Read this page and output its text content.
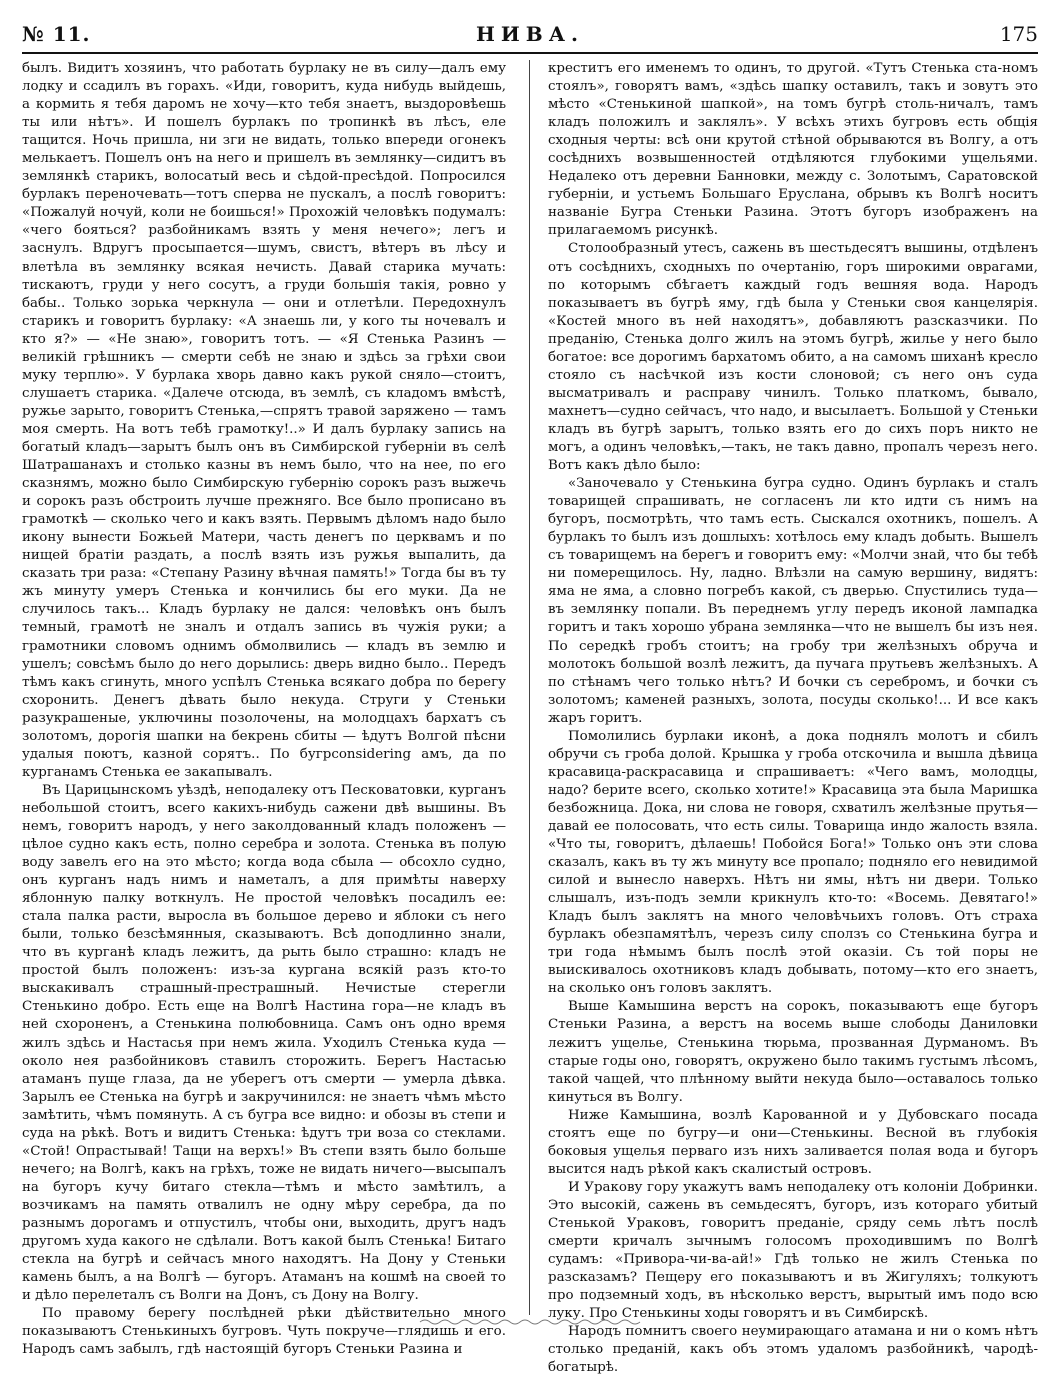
№ 11.	НИВА.	175

былъ. Видитъ хозяинъ, что работать бурлаку не въ силу—далъ ему лодку и ссадилъ въ горахъ. «Иди, говоритъ, куда нибудь выйдешь, а кормить я тебя даромъ не хочу—кто тебя знаетъ, выздоровѣешь ты или нѣтъ». И пошелъ бурлакъ по тропинкѣ въ лѣсъ, еле тащится. Ночь пришла, ни зги не видать, только впереди огонекъ мелькаетъ. Пошелъ онъ на него и пришелъ въ землянку—сидитъ въ землянкѣ старикъ, волосатый весь и сѣдой-пресѣдой. Попросился бурлакъ переночевать—тотъ сперва не пускалъ, а послѣ говоритъ: «Пожалуй ночуй, коли не боишься!» Прохожій человѣкъ подумалъ: «чего бояться? разбойникамъ взять у меня нечего»; легъ и заснулъ. Вдругъ просыпается—шумъ, свистъ, вѣтеръ въ лѣсу и влетѣла въ землянку всякая нечисть. Давай старика мучать: тискаютъ, груди у него сосутъ, а груди большія такія, ровно у бабы.. Только зорька черкнула — они и отлетѣли. Передохнулъ старикъ и говоритъ бурлаку: «А знаешь ли, у кого ты ночевалъ и кто я?» — «Не знаю», говоритъ тотъ. — «Я Стенька Разинъ — великій грѣшникъ — смерти себѣ не знаю и здѣсь за грѣхи свои муку терплю». У бурлака хворь давно какъ рукой сняло—стоитъ, слушаетъ старика. «Далече отсюда, въ землѣ, съ кладомъ вмѣстѣ, ружье зарыто, говоритъ Стенька,—спрятъ травой заряжено — тамъ моя смерть. На вотъ тебѣ грамотку!..» И далъ бурлаку запись на богатый кладъ—зарытъ былъ онъ въ Симбирской губерніи въ селѣ Шатрашанахъ и столько казны въ немъ было, что на нее, по его сказнямъ, можно было Симбирскую губернію сорокъ разъ выжечь и сорокъ разъ обстроить лучше прежняго. Все было прописано въ грамоткѣ — сколько чего и какъ взять. Первымъ дѣломъ надо было икону вынести Божьей Матери, часть денегъ по церквамъ и по нищей братіи раздать, а послѣ взять изъ ружья выпалить, да сказать три раза: «Степану Разину вѣчная память!» Тогда бы въ ту жъ минуту умеръ Стенька и кончились бы его муки. Да не случилось такъ... Кладъ бурлаку не дался: человѣкъ онъ былъ темный, грамотѣ не зналъ и отдалъ запись въ чужія руки; а грамотники словомъ однимъ обмолвились — кладъ въ землю и ушелъ; совсѣмъ было до него дорылись: дверь видно было.. Передъ тѣмъ какъ сгинуть, много успѣлъ Стенька всякаго добра по берегу схоронить. Денегъ дѣвать было некуда. Струги у Стеньки разукрашеные, уключины позолочены, на молодцахъ бархатъ съ золотомъ, дорогія шапки на бекрень сбиты — ѣдутъ Волгой пѣсни удалыя поютъ, казной сорятъ.. По бугрconsidering амъ, да по курганамъ Стенька ее закапывалъ.

Въ Царицынскомъ уѣздѣ, неподалеку отъ Песковатовки, курганъ небольшой стоитъ, всего какихъ-нибудь сажени двѣ вышины. Въ немъ, говоритъ народъ, у него заколдованный кладъ положенъ — цѣлое судно какъ есть, полно серебра и золота. Стенька въ полую воду завелъ его на это мѣсто; когда вода сбыла — обсохло судно, онъ курганъ надъ нимъ и наметалъ, а для примѣты наверху яблонную палку воткнулъ. Не простой человѣкъ посадилъ ее: стала палка расти, выросла въ большое дерево и яблоки съ него были, только безсѣмянныя, сказываютъ. Всѣ доподлинно знали, что въ курганѣ кладъ лежитъ, да рыть было страшно: кладъ не простой былъ положенъ: изъ-за кургана всякій разъ кто-то выскакивалъ страшный-престрашный. Нечистые стерегли Стенькино добро. Есть еще на Волгѣ Настина гора—не кладъ въ ней схороненъ, а Стенькина полюбовница. Самъ онъ одно время жилъ здѣсь и Настасья при немъ жила. Уходилъ Стенька куда — около нея разбойниковъ ставилъ сторожить. Берегъ Настасью атаманъ пуще глаза, да не уберегъ отъ смерти — умерла дѣвка. Зарылъ ее Стенька на бугрѣ и закручинился: не знаетъ чѣмъ мѣсто замѣтить, чѣмъ помянуть. А съ бугра все видно: и обозы въ степи и суда на рѣкѣ. Вотъ и видитъ Стенька: ѣдутъ три воза со стеклами. «Стой! Опрастывай! Тащи на верхъ!» Въ степи взять было больше нечего; на Волгѣ, какъ на грѣхъ, тоже не видать ничего—высыпалъ на бугоръ кучу битаго стекла—тѣмъ и мѣсто замѣтилъ, а возчикамъ на память отвалилъ не одну мѣру серебра, да по разнымъ дорогамъ и отпустилъ, чтобы они, выходить, другъ надъ другомъ худа какого не сдѣлали. Вотъ какой былъ Стенька! Битаго стекла на бугрѣ и сейчасъ много находятъ. На Дону у Стеньки камень былъ, а на Волгѣ — бугоръ. Атаманъ на кошмѣ на своей то и дѣло перелеталъ съ Волги на Донъ, съ Дону на Волгу.

По правому берегу послѣдней рѣки дѣйствительно много показываютъ Стенькиныхъ бугровъ. Чуть покруче—глядишь и его. Народъ самъ забылъ, гдѣ настоящій бугоръ Стеньки Разина и

креститъ его именемъ то одинъ, то другой. «Тутъ Стенька ста-номъ стоялъ», говорятъ вамъ, «здѣсь шапку оставилъ, такъ и зовутъ это мѣсто «Стенькиной шапкой», на томъ бугрѣ столь-ничалъ, тамъ кладъ положилъ и заклялъ». У всѣхъ этихъ бугровъ есть общія сходныя черты: всѣ они крутой стѣной обрываются въ Волгу, а отъ сосѣднихъ возвышенностей отдѣляются глубокими ущельями. Недалеко отъ деревни Банновки, между с. Золотымъ, Саратовской губерніи, и устьемъ Большаго Еруслана, обрывъ къ Волгѣ носитъ названіе Бугра Стеньки Разина. Этотъ бугоръ изображенъ на прилагаемомъ рисункѣ.

Столообразный утесъ, сажень въ шестьдесятъ вышины, отдѣленъ отъ сосѣднихъ, сходныхъ по очертанію, горъ широкими оврагами, по которымъ сбѣгаетъ каждый годъ вешняя вода. Народъ показываетъ въ бугрѣ яму, гдѣ была у Стеньки своя канцелярія. «Костей много въ ней находятъ», добавляютъ разсказчики. По преданію, Стенька долго жилъ на этомъ бугрѣ, жилье у него было богатое: все дорогимъ бархатомъ обито, а на самомъ шиханѣ кресло стояло съ насѣчкой изъ кости слоновой; съ него онъ суда высматривалъ и расправу чинилъ. Только платкомъ, бывало, махнетъ—судно сейчасъ, что надо, и высылаетъ. Большой у Стеньки кладъ въ бугрѣ зарытъ, только взять его до сихъ поръ никто не могъ, а одинъ человѣкъ,—такъ, не такъ давно, пропалъ черезъ него. Вотъ какъ дѣло было:

«Заночевало у Стенькина бугра судно. Одинъ бурлакъ и сталъ товарищей спрашивать, не согласенъ ли кто идти съ нимъ на бугоръ, посмотрѣть, что тамъ есть. Сыскался охотникъ, пошелъ. А бурлакъ то былъ изъ дошлыхъ: хотѣлось ему кладъ добыть. Вышелъ съ товарищемъ на берегъ и говоритъ ему: «Молчи знай, что бы тебѣ ни померещилось. Ну, ладно. Влѣзли на самую вершину, видятъ: яма не яма, а словно погребъ какой, съ дверью. Спустились туда—въ землянку попали. Въ переднемъ углу передъ иконой лампадка горитъ и такъ хорошо убрана землянка—что не вышелъ бы изъ нея. По середкѣ гробъ стоитъ; на гробу три желѣзныхъ обруча и молотокъ большой возлѣ лежитъ, да пучага прутьевъ желѣзныхъ. А по стѣнамъ чего только нѣтъ? И бочки съ серебромъ, и бочки съ золотомъ; каменей разныхъ, золота, посуды сколько!... И все какъ жаръ горитъ.

Помолились бурлаки иконѣ, а дока поднялъ молотъ и сбилъ обручи съ гроба долой. Крышка у гроба отскочила и вышла дѣвица красавица-раскрасавица и спрашиваетъ: «Чего вамъ, молодцы, надо? берите всего, сколько хотите!» Красавица эта была Маришка безбожница. Дока, ни слова не говоря, схватилъ желѣзные прутья—давай ее полосовать, что есть силы. Товарища индо жалость взяла. «Что ты, говоритъ, дѣлаешь! Побойся Бога!» Только онъ эти слова сказалъ, какъ въ ту жъ минуту все пропало; подняло его невидимой силой и вынесло наверхъ. Нѣтъ ни ямы, нѣтъ ни двери. Только слышалъ, изъ-подъ земли крикнулъ кто-то: «Восемь. Девятаго!» Кладъ былъ заклятъ на много человѣчьихъ головъ. Отъ страха бурлакъ обезпамятѣлъ, черезъ силу сползъ со Стенькина бугра и три года нѣмымъ былъ послѣ этой оказіи. Съ той поры не выискивалось охотниковъ кладъ добывать, потому—кто его знаетъ, на сколько онъ головъ заклятъ.

Выше Камышина верстъ на сорокъ, показываютъ еще бугоръ Стеньки Разина, а верстъ на восемь выше слободы Даниловки лежитъ ущелье, Стенькина тюрьма, прозванная Дурманомъ. Въ старые годы оно, говорятъ, окружено было такимъ густымъ лѣсомъ, такой чащей, что плѣнному выйти некуда было—оставалось только кинуться въ Волгу.

Ниже Камышина, возлѣ Карованной и у Дубовскаго посада стоятъ еще по бугру—и они—Стенькины. Весной въ глубокія боковыя ущелья перваго изъ нихъ заливается полая вода и бугоръ высится надъ рѣкой какъ скалистый островъ.

И Уракову гору укажутъ вамъ неподалеку отъ колоніи Добринки. Это высокій, сажень въ семьдесятъ, бугоръ, изъ котораго убитый Стенькой Ураковъ, говоритъ преданіе, сряду семь лѣтъ послѣ смерти кричалъ зычнымъ голосомъ проходившимъ по Волгѣ судамъ: «Привора-чи-ва-ай!» Гдѣ только не жилъ Стенька по разсказамъ? Пещеру его показываютъ и въ Жигуляхъ; толкуютъ про подземный ходъ, въ нѣсколько верстъ, вырытый имъ подо всю луку. Про Стенькины ходы говорятъ и въ Симбирскѣ.

Народъ помнитъ своего неумирающаго атамана и ни о комъ нѣтъ столько преданій, какъ объ этомъ удаломъ разбойникѣ, чародѣ-богатырѣ.
